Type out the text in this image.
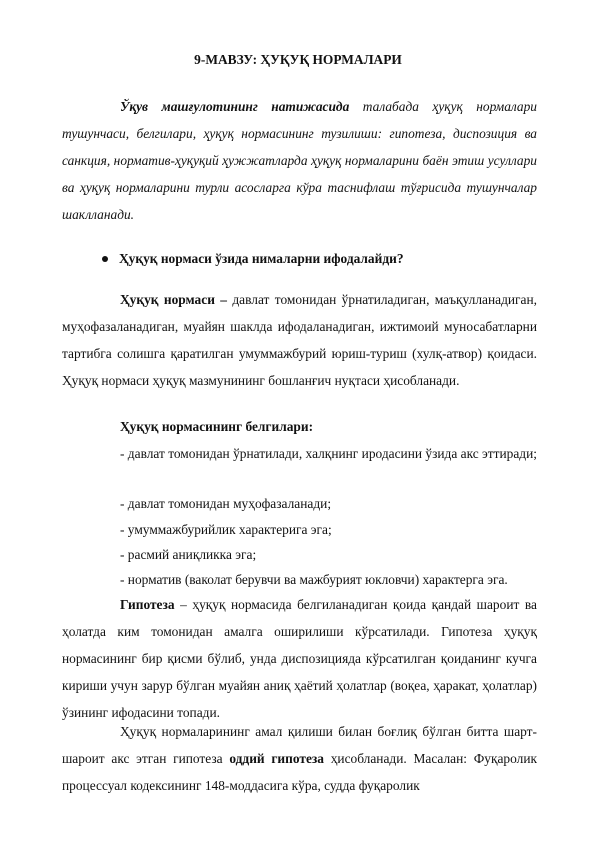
9-МАВЗУ: ҲУҚУҚ НОРМАЛАРИ
Ўқув машғулотининг натижасида талабада ҳуқуқ нормалари тушунчаси, белгилари, ҳуқуқ нормасининг тузилиши: гипотеза, диспозиция ва санкция, норматив-ҳуқуқий ҳужжатларда ҳуқуқ нормаларини баён этиш усуллари ва ҳуқуқ нормаларини турли асосларга кўра таснифлаш тўғрисида тушунчалар шаклланади.
Ҳуқуқ нормаси ўзида нималарни ифодалайди?
Ҳуқуқ нормаси – давлат томонидан ўрнатиладиган, маъқулланадиган, муҳофазаланадиган, муайян шаклда ифодаланадиган, ижтимоий муносабатларни тартибга солишга қаратилган умуммажбурий юриш-туриш (хулқ-атвор) қоидаси. Ҳуқуқ нормаси ҳуқуқ мазмунининг бошланғич нуқтаси ҳисобланади.
Ҳуқуқ нормасининг белгилари:
- давлат томонидан ўрнатилади, халқнинг иродасини ўзида акс эттиради;
- давлат томонидан муҳофазаланади;
- умуммажбурийлик характерига эга;
- расмий аниқликка эга;
- норматив (ваколат берувчи ва мажбурият юкловчи) характерга эга.
Гипотеза – ҳуқуқ нормасида белгиланадиган қоида қандай шароит ва ҳолатда ким томонидан амалга оширилиши кўрсатилади. Гипотеза ҳуқуқ нормасининг бир қисми бўлиб, унда диспозицияда кўрсатилган қоиданинг кучга кириши учун зарур бўлган муайян аниқ ҳаётий ҳолатлар (воқеа, ҳаракат, ҳолатлар) ўзининг ифодасини топади.
Ҳуқуқ нормаларининг амал қилиши билан боғлиқ бўлган битта шарт-шароит акс этган гипотеза оддий гипотеза ҳисобланади. Масалан: Фуқаролик процессуал кодексининг 148-моддасига кўра, судда фуқаролик
